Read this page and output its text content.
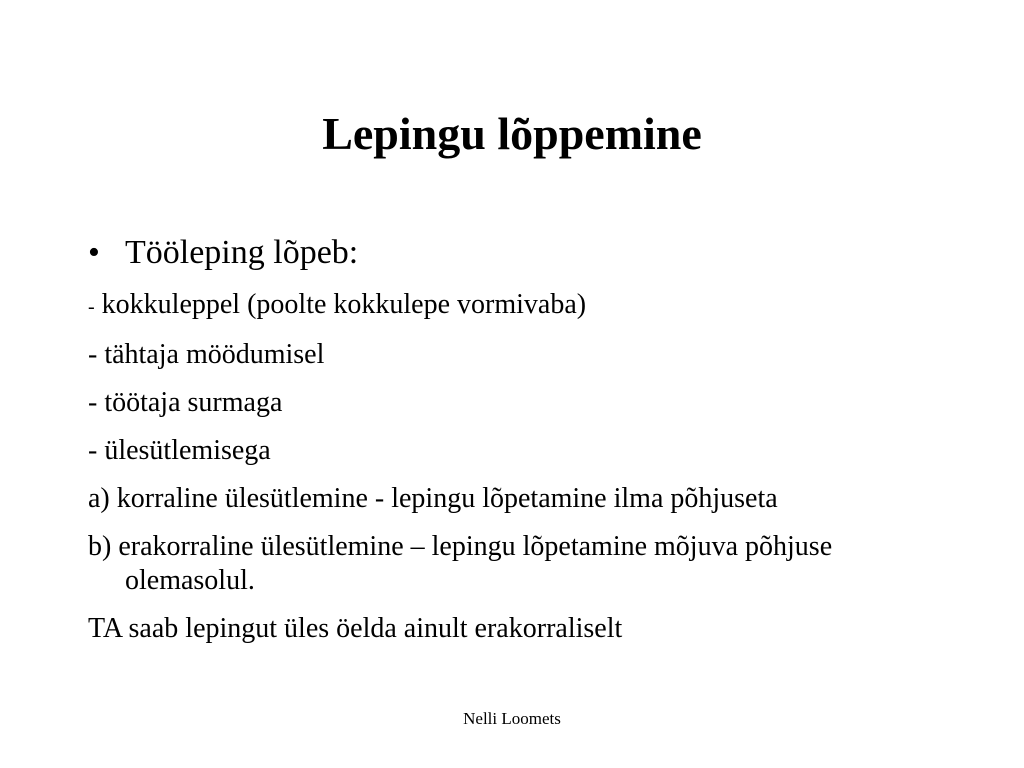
Lepingu lõppemine
• Tööleping lõpeb:

- kokkuleppel (poolte kokkulepe vormivaba)

- tähtaja möödumisel

- töötaja surmaga

- ülesütlemisega

a) korraline ülesütlemine - lepingu lõpetamine ilma põhjuseta

b) erakorraline ülesütlemine – lepingu lõpetamine mõjuva põhjuse olemasolul.

TA saab lepingut üles öelda ainult erakorraliselt

Nelli Loomets
